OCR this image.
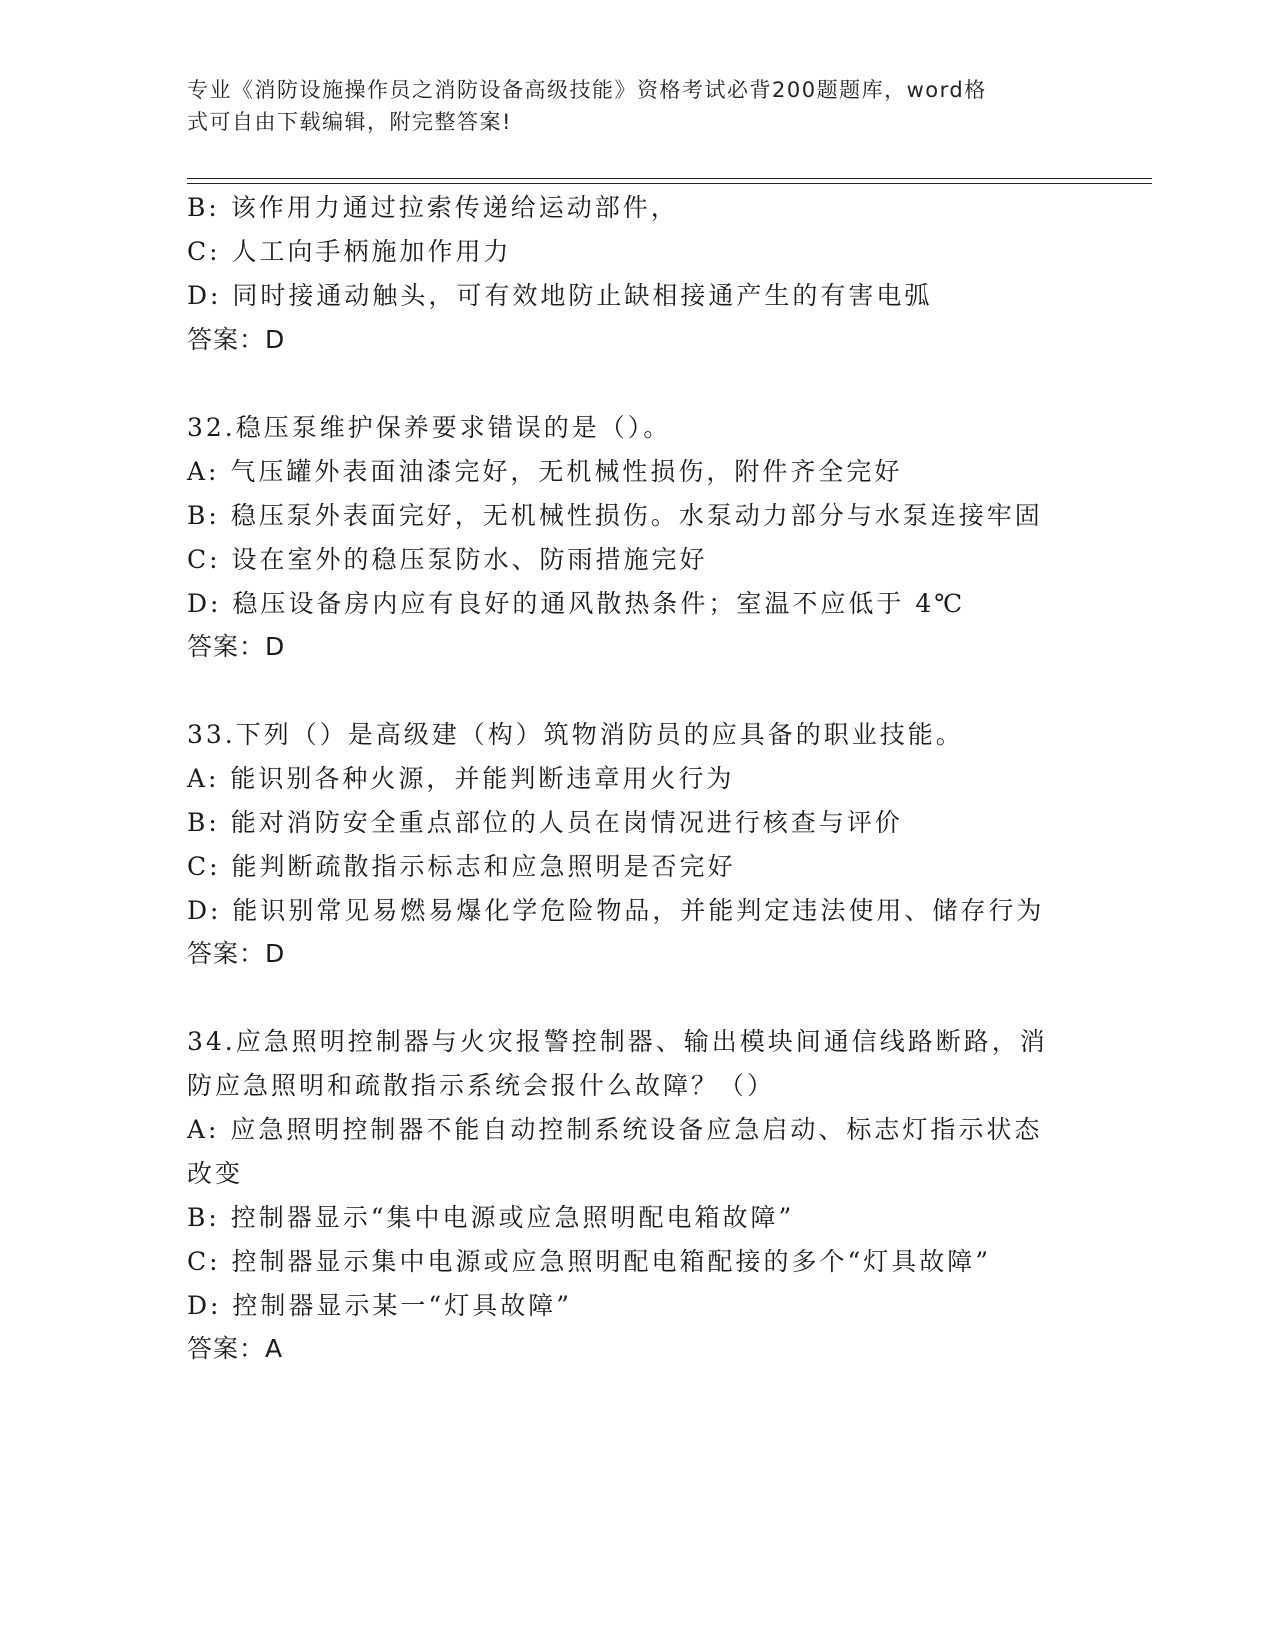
专业《消防设施操作员之消防设备高级技能》资格考试必背200题题库，word格
式可自由下载编辑，附完整答案!
B: 该作用力通过拉索传递给运动部件，
C: 人工向手柄施加作用力
D: 同时接通动触头，可有效地防止缺相接通产生的有害电弧
答案：D
32.稳压泵维护保养要求错误的是（）。
A: 气压罐外表面油漆完好，无机械性损伤，附件齐全完好
B: 稳压泵外表面完好，无机械性损伤。水泵动力部分与水泵连接牢固
C: 设在室外的稳压泵防水、防雨措施完好
D: 稳压设备房内应有良好的通风散热条件；室温不应低于 4℃
答案：D
33.下列（）是高级建（构）筑物消防员的应具备的职业技能。
A: 能识别各种火源，并能判断违章用火行为
B: 能对消防安全重点部位的人员在岗情况进行核查与评价
C: 能判断疏散指示标志和应急照明是否完好
D: 能识别常见易燃易爆化学危险物品，并能判定违法使用、储存行为
答案：D
34.应急照明控制器与火灾报警控制器、输出模块间通信线路断路，消
防应急照明和疏散指示系统会报什么故障？（）
A: 应急照明控制器不能自动控制系统设备应急启动、标志灯指示状态
改变
B: 控制器显示“集中电源或应急照明配电箱故障”
C: 控制器显示集中电源或应急照明配电箱配接的多个“灯具故障”
D: 控制器显示某一“灯具故障”
答案：A
